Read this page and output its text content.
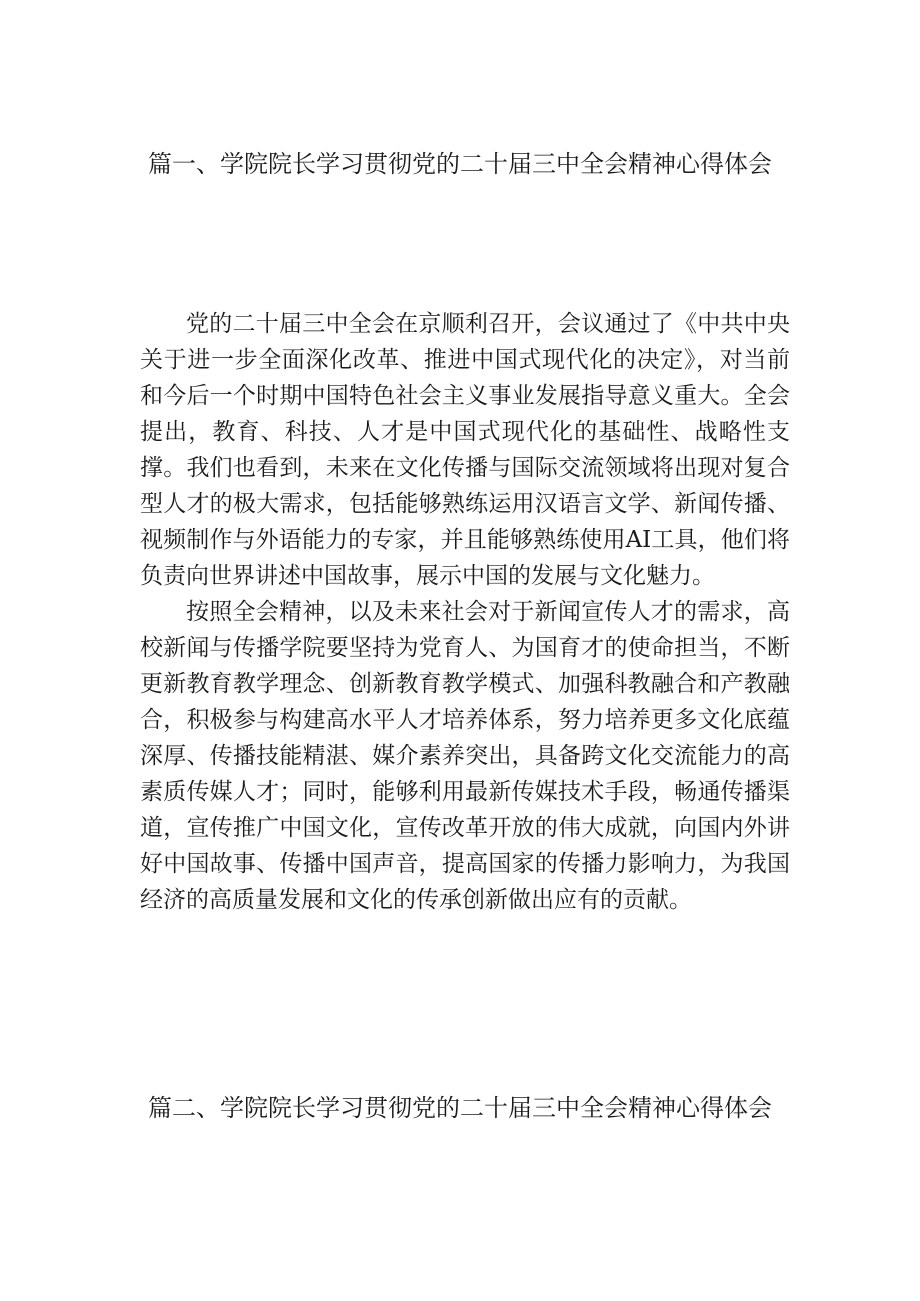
篇一、学院院长学习贯彻党的二十届三中全会精神心得体会

党的二十届三中全会在京顺利召开，会议通过了《中共中央关于进一步全面深化改革、推进中国式现代化的决定》，对当前和今后一个时期中国特色社会主义事业发展指导意义重大。全会提出，教育、科技、人才是中国式现代化的基础性、战略性支撑。我们也看到，未来在文化传播与国际交流领域将出现对复合型人才的极大需求，包括能够熟练运用汉语言文学、新闻传播、视频制作与外语能力的专家，并且能够熟练使用AI工具，他们将负责向世界讲述中国故事，展示中国的发展与文化魅力。

按照全会精神，以及未来社会对于新闻宣传人才的需求，高校新闻与传播学院要坚持为党育人、为国育才的使命担当，不断更新教育教学理念、创新教育教学模式、加强科教融合和产教融合，积极参与构建高水平人才培养体系，努力培养更多文化底蕴深厚、传播技能精湛、媒介素养突出，具备跨文化交流能力的高素质传媒人才；同时，能够利用最新传媒技术手段，畅通传播渠道，宣传推广中国文化，宣传改革开放的伟大成就，向国内外讲好中国故事、传播中国声音，提高国家的传播力影响力，为我国经济的高质量发展和文化的传承创新做出应有的贡献。

篇二、学院院长学习贯彻党的二十届三中全会精神心得体会
